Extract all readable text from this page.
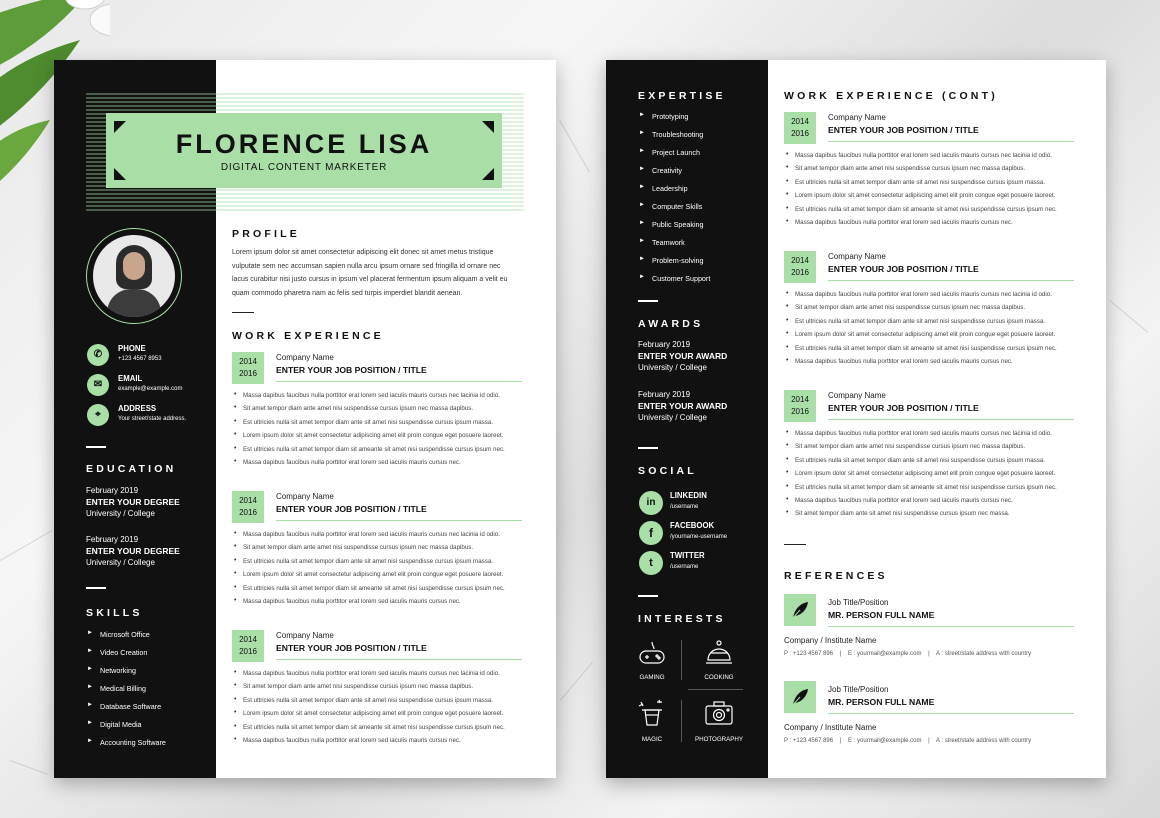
FLORENCE LISA
DIGITAL CONTENT MARKETER
✆
PHONE
+123 4567 8953
✉
EMAIL
example@example.com
⌖
ADDRESS
Your street/state address.
EDUCATION
February 2019
ENTER YOUR DEGREE
University / College
February 2019
ENTER YOUR DEGREE
University / College
SKILLS
► Microsoft Office
► Video Creation
► Networking
► Medical Billing
► Database Software
► Digital Media
► Accounting Software
PROFILE
Lorem ipsum dolor sit amet consectetur adipiscing elit donec sit amet metus tristique
vulputate sem nec accumsan sapien nulla arcu ipsum ornare sed fringilla id ornare nec
lacus curabitur nisi justo cursus in ipsum vel placerat fermentum ipsum aliquam a velit eu
quam commodo pharetra nam ac felis sed turpis imperdiet blandit aenean.
WORK EXPERIENCE
2014
2016
Company Name
ENTER YOUR JOB POSITION / TITLE
• Massa dapibus faucibus nulla porttitor erat lorem sed iaculis mauris cursus nec lacinia id odio.
• Sit amet tempor diam ante amet nisi suspendisse cursus ipsum nec massa dapibus.
• Est ultricies nulla sit amet tempor diam ante sit amet nisi suspendisse cursus ipsum massa.
• Lorem ipsum dolor sit amet consectetur adipiscing amet elit proin congue eget posuere laoreet.
• Est ultricies nulla sit amet tempor diam sit ameante sit amet nisi suspendisse cursus ipsum nec.
• Massa dapibus faucibus nulla porttitor erat lorem sed iaculis mauris cursus nec.
2014
2016
Company Name
ENTER YOUR JOB POSITION / TITLE
• Massa dapibus faucibus nulla porttitor erat lorem sed iaculis mauris cursus nec lacinia id odio.
• Sit amet tempor diam ante amet nisi suspendisse cursus ipsum nec massa dapibus.
• Est ultricies nulla sit amet tempor diam ante sit amet nisi suspendisse cursus ipsum massa.
• Lorem ipsum dolor sit amet consectetur adipiscing amet elit proin congue eget posuere laoreet.
• Est ultricies nulla sit amet tempor diam sit ameante sit amet nisi suspendisse cursus ipsum nec.
• Massa dapibus faucibus nulla porttitor erat lorem sed iaculis mauris cursus nec.
2014
2016
Company Name
ENTER YOUR JOB POSITION / TITLE
• Massa dapibus faucibus nulla porttitor erat lorem sed iaculis mauris cursus nec lacinia id odio.
• Sit amet tempor diam ante amet nisi suspendisse cursus ipsum nec massa dapibus.
• Est ultricies nulla sit amet tempor diam ante sit amet nisi suspendisse cursus ipsum massa.
• Lorem ipsum dolor sit amet consectetur adipiscing amet elit proin congue eget posuere laoreet.
• Est ultricies nulla sit amet tempor diam sit ameante sit amet nisi suspendisse cursus ipsum nec.
• Massa dapibus faucibus nulla porttitor erat lorem sed iaculis mauris cursus nec.
EXPERTISE
► Prototyping
► Troubleshooting
► Project Launch
► Creativity
► Leadership
► Computer Skills
► Public Speaking
► Teamwork
► Problem-solving
► Customer Support
AWARDS
February 2019
ENTER YOUR AWARD
University / College
February 2019
ENTER YOUR AWARD
University / College
SOCIAL
in
LINKEDIN
/username
f
FACEBOOK
/yourname-username
t
TWITTER
/username
INTERESTS
GAMING	COOKING
MAGIC	PHOTOGRAPHY
WORK EXPERIENCE (CONT)
2014
2016
Company Name
ENTER YOUR JOB POSITION / TITLE
• Massa dapibus faucibus nulla porttitor erat lorem sed iaculis mauris cursus nec lacinia id odio.
• Sit amet tempor diam ante amet nisi suspendisse cursus ipsum nec massa dapibus.
• Est ultricies nulla sit amet tempor diam ante sit amet nisi suspendisse cursus ipsum massa.
• Lorem ipsum dolor sit amet consectetur adipiscing amet elit proin congue eget posuere laoreet.
• Est ultricies nulla sit amet tempor diam sit ameante sit amet nisi suspendisse cursus ipsum nec.
• Massa dapibus faucibus nulla porttitor erat lorem sed iaculis mauris cursus nec.
2014
2016
Company Name
ENTER YOUR JOB POSITION / TITLE
• Massa dapibus faucibus nulla porttitor erat lorem sed iaculis mauris cursus nec lacinia id odio.
• Sit amet tempor diam ante amet nisi suspendisse cursus ipsum nec massa dapibus.
• Est ultricies nulla sit amet tempor diam ante sit amet nisi suspendisse cursus ipsum massa.
• Lorem ipsum dolor sit amet consectetur adipiscing amet elit proin congue eget posuere laoreet.
• Est ultricies nulla sit amet tempor diam sit ameante sit amet nisi suspendisse cursus ipsum nec.
• Massa dapibus faucibus nulla porttitor erat lorem sed iaculis mauris cursus nec.
2014
2016
Company Name
ENTER YOUR JOB POSITION / TITLE
• Massa dapibus faucibus nulla porttitor erat lorem sed iaculis mauris cursus nec lacinia id odio.
• Sit amet tempor diam ante amet nisi suspendisse cursus ipsum nec massa dapibus.
• Est ultricies nulla sit amet tempor diam ante sit amet nisi suspendisse cursus ipsum massa.
• Lorem ipsum dolor sit amet consectetur adipiscing amet elit proin congue eget posuere laoreet.
• Est ultricies nulla sit amet tempor diam sit ameante sit amet nisi suspendisse cursus ipsum nec.
• Massa dapibus faucibus nulla porttitor erat lorem sed iaculis mauris cursus nec.
• Sit amet tempor diam ante sit amet nisi suspendisse cursus ipsum nec massa.
REFERENCES
Job Title/Position
MR. PERSON FULL NAME
Company / Institute Name
P : +123 4567 896 | E : yourmail@example.com | A : street/state address with country
Job Title/Position
MR. PERSON FULL NAME
Company / Institute Name
P : +123 4567 896 | E : yourmail@example.com | A : street/state address with country
